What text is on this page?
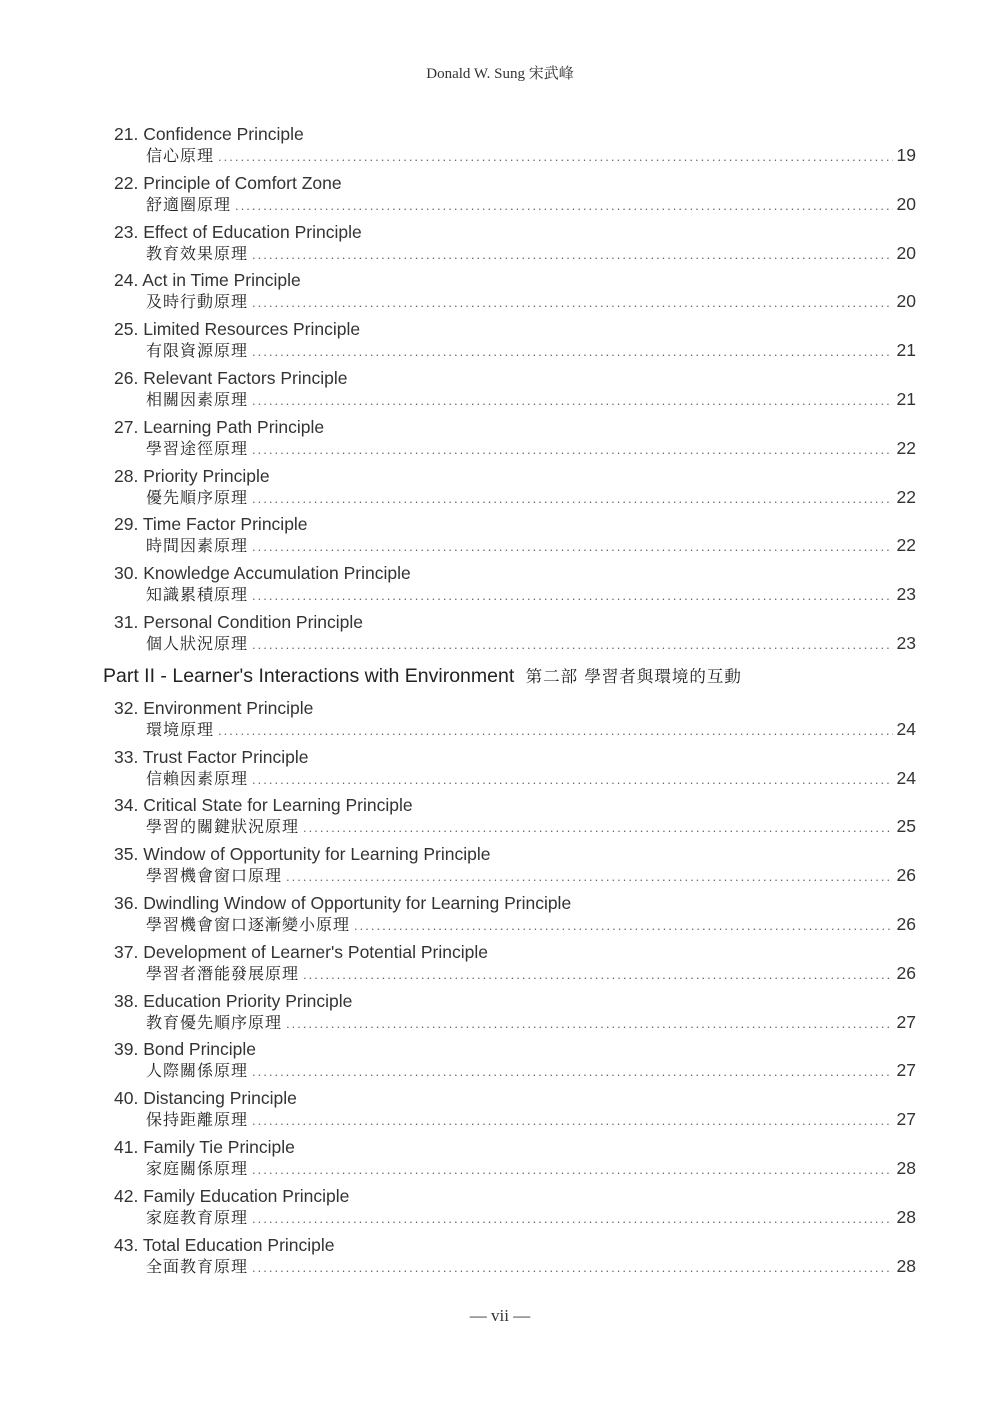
Donald W. Sung 宋武峰
21. Confidence Principle
信心原理 .....	19
22. Principle of Comfort Zone
舒適圈原理 .....	20
23. Effect of Education Principle
教育效果原理 .....	20
24. Act in Time Principle
及時行動原理 .....	20
25. Limited Resources Principle
有限資源原理 .....	21
26. Relevant Factors Principle
相關因素原理 .....	21
27. Learning Path Principle
學習途徑原理 .....	22
28. Priority Principle
優先順序原理 .....	22
29. Time Factor Principle
時間因素原理 .....	22
30. Knowledge Accumulation Principle
知識累積原理 .....	23
31. Personal Condition Principle
個人狀況原理 .....	23
Part II - Learner's Interactions with Environment 第二部 學習者與環境的互動
32. Environment Principle
環境原理 .....	24
33. Trust Factor Principle
信賴因素原理 .....	24
34. Critical State for Learning Principle
學習的關鍵狀況原理 .....	25
35. Window of Opportunity for Learning Principle
學習機會窗口原理 .....	26
36. Dwindling Window of Opportunity for Learning Principle
學習機會窗口逐漸變小原理 .....	26
37. Development of Learner's Potential Principle
學習者潛能發展原理 .....	26
38. Education Priority Principle
教育優先順序原理 .....	27
39. Bond Principle
人際關係原理 .....	27
40. Distancing Principle
保持距離原理 .....	27
41. Family Tie Principle
家庭關係原理 .....	28
42. Family Education Principle
家庭教育原理 .....	28
43. Total Education Principle
全面教育原理 .....	28
— vii —
